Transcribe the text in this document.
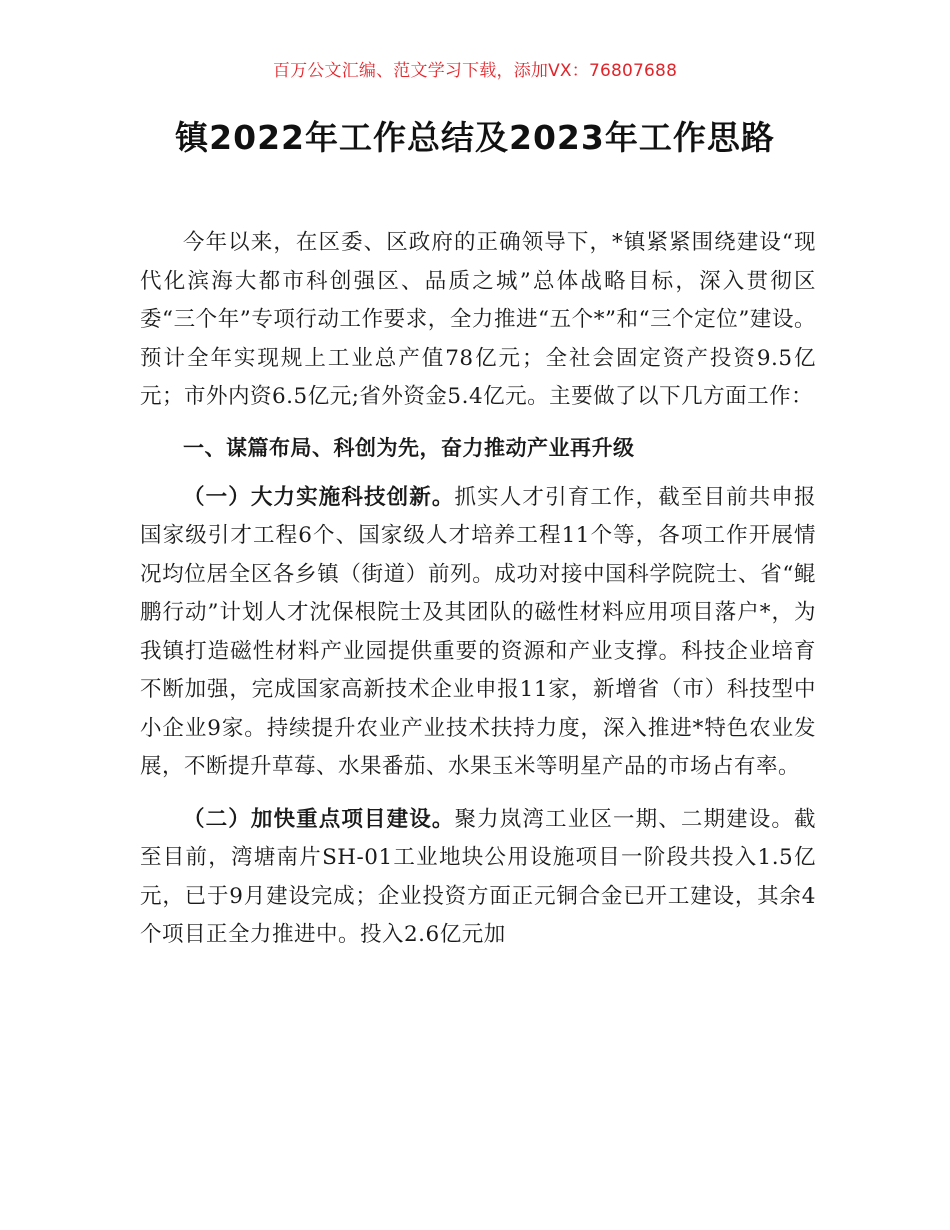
百万公文汇编、范文学习下载，添加VX：76807688
镇2022年工作总结及2023年工作思路

今年以来，在区委、区政府的正确领导下，*镇紧紧围绕建设“现代化滨海大都市科创强区、品质之城”总体战略目标，深入贯彻区委“三个年”专项行动工作要求，全力推进“五个*”和“三个定位”建设。预计全年实现规上工业总产值78亿元；全社会固定资产投资9.5亿元；市外内资6.5亿元;省外资金5.4亿元。主要做了以下几方面工作：

一、谋篇布局、科创为先，奋力推动产业再升级

（一）大力实施科技创新。抓实人才引育工作，截至目前共申报国家级引才工程6个、国家级人才培养工程11个等，各项工作开展情况均位居全区各乡镇（街道）前列。成功对接中国科学院院士、省“鲲鹏行动”计划人才沈保根院士及其团队的磁性材料应用项目落户*，为我镇打造磁性材料产业园提供重要的资源和产业支撑。科技企业培育不断加强，完成国家高新技术企业申报11家，新增省（市）科技型中小企业9家。持续提升农业产业技术扶持力度，深入推进*特色农业发展，不断提升草莓、水果番茄、水果玉米等明星产品的市场占有率。

（二）加快重点项目建设。聚力岚湾工业区一期、二期建设。截至目前，湾塘南片SH-01工业地块公用设施项目一阶段共投入1.5亿元，已于9月建设完成；企业投资方面正元铜合金已开工建设，其余4个项目正全力推进中。投入2.6亿元加
